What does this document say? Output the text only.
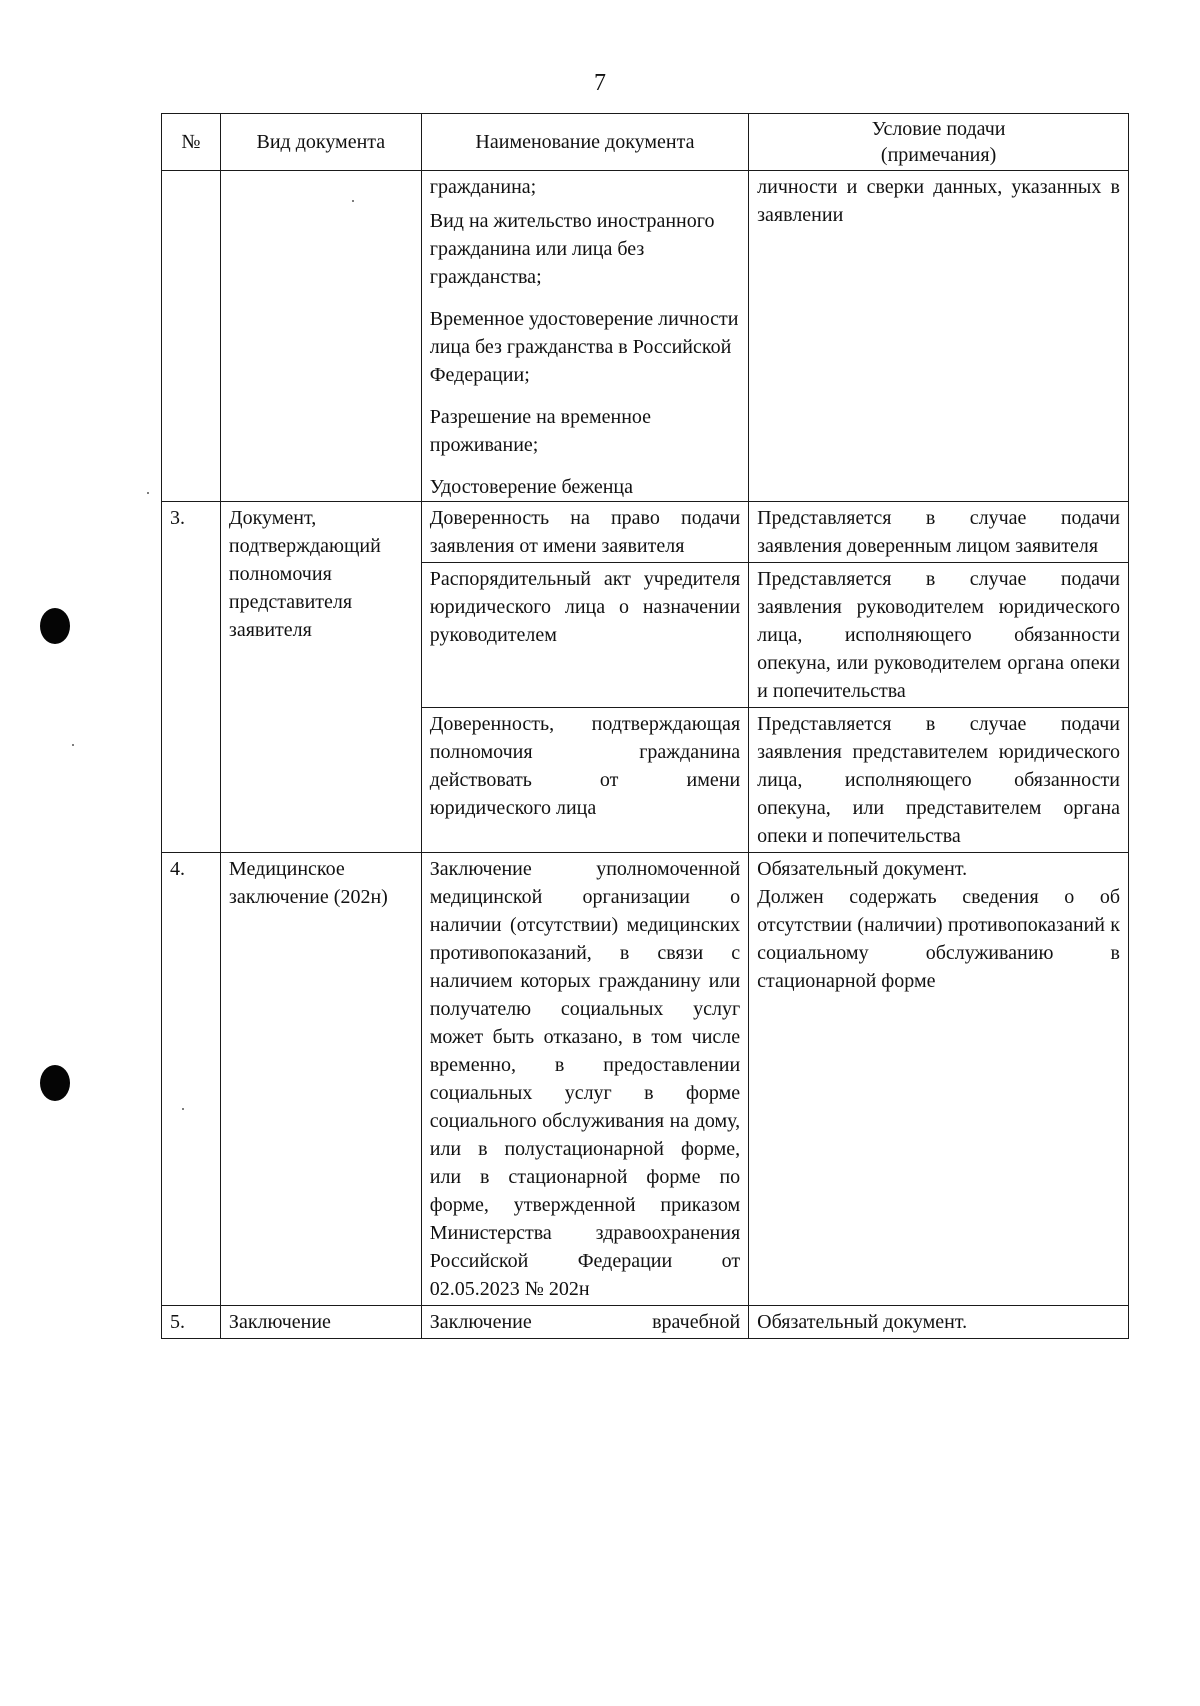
7
№	Вид документа	Наименование документа	Условие подачи
(примечания)

		гражданина;

Вид на жительство иностранного гражданина или лица без гражданства;

Временное удостоверение личности лица без гражданства в Российской Федерации;

Разрешение на временное проживание;

Удостоверение беженца	личности и сверки данных, указанных в заявлении
3.	Документ, подтверждающий полномочия представителя заявителя	Доверенность на право подачи заявления от имени заявителя	Представляется в случае подачи заявления доверенным лицом заявителя
		Распорядительный акт учредителя юридического лица о назначении руководителем	Представляется в случае подачи заявления руководителем юридического лица, исполняющего обязанности опекуна, или руководителем органа опеки и попечительства
		Доверенность, подтверждающая полномочия гражданина действовать от имени юридического лица	Представляется в случае подачи заявления представителем юридического лица, исполняющего обязанности опекуна, или представителем органа опеки и попечительства
4.	Медицинское заключение (202н)	Заключение уполномоченной медицинской организации о наличии (отсутствии) медицинских противопоказаний, в связи с наличием которых гражданину или получателю социальных услуг может быть отказано, в том числе временно, в предоставлении социальных услуг в форме социального обслуживания на дому, или в полустационарной форме, или в стационарной форме по форме, утвержденной приказом Министерства здравоохранения Российской Федерации от 02.05.2023 № 202н	Обязательный документ.
Должен содержать сведения о об отсутствии (наличии) противопоказаний к социальному обслуживанию в стационарной форме

5.	Заключение	Заключение врачебной	Обязательный документ.
